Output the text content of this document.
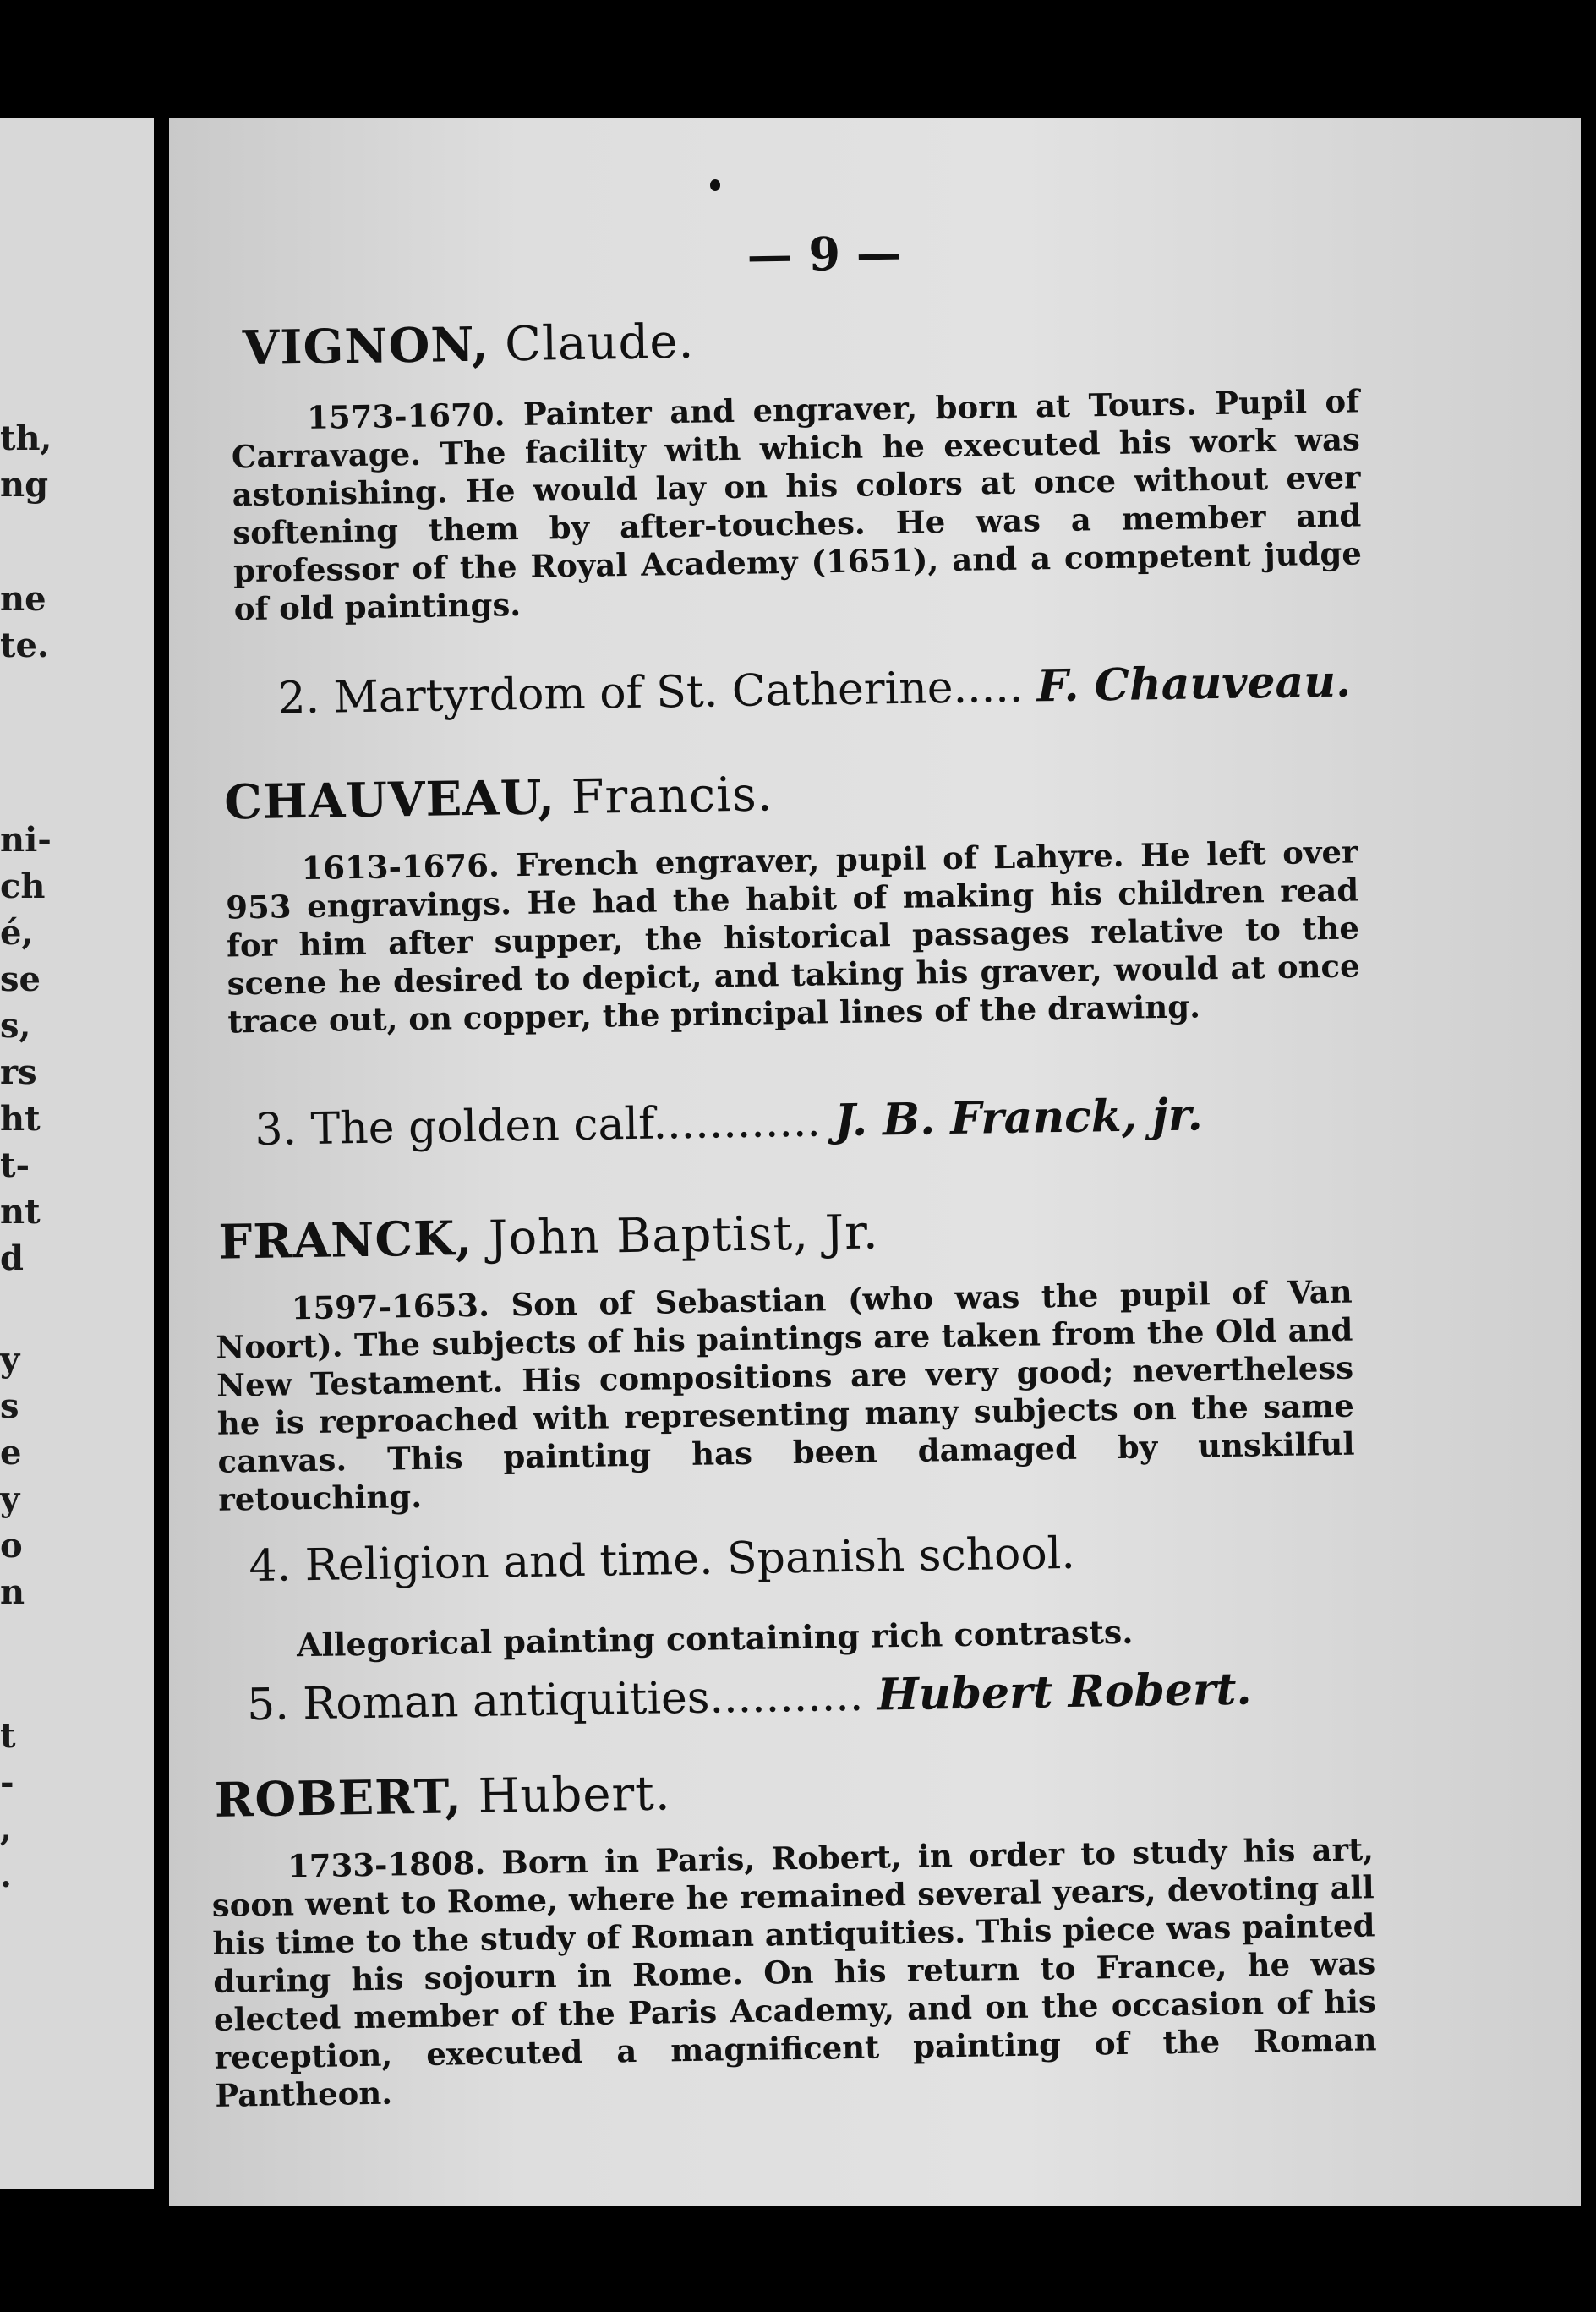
th,
ng
ne
te.
ni-
ch
é,
se
s,
rs
ht
t-
nt
d
y
s
e
y
o
n
t
-
,
.
— 9 —
VIGNON, Claude.
1573-1670. Painter and engraver, born at Tours. Pupil of Carravage. The facility with which he executed his work was astonishing. He would lay on his colors at once without ever softening them by after-touches. He was a member and professor of the Royal Academy (1651), and a competent judge of old paintings.
2. Martyrdom of St. Catherine..... F. Chauveau.
CHAUVEAU, Francis.
1613-1676. French engraver, pupil of Lahyre. He left over 953 engravings. He had the habit of making his children read for him after supper, the historical passages relative to the scene he desired to depict, and taking his graver, would at once trace out, on copper, the principal lines of the drawing.
3. The golden calf............ J. B. Franck, jr.
FRANCK, John Baptist, Jr.
1597-1653. Son of Sebastian (who was the pupil of Van Noort). The subjects of his paintings are taken from the Old and New Testament. His compositions are very good; nevertheless he is reproached with representing many subjects on the same canvas. This painting has been damaged by unskilful retouching.
4. Religion and time. Spanish school.
Allegorical painting containing rich contrasts.
5. Roman antiquities........... Hubert Robert.
ROBERT, Hubert.
1733-1808. Born in Paris, Robert, in order to study his art, soon went to Rome, where he remained several years, devoting all his time to the study of Roman antiquities. This piece was painted during his sojourn in Rome. On his return to France, he was elected member of the Paris Academy, and on the occasion of his reception, executed a magnificent painting of the Roman Pantheon.
